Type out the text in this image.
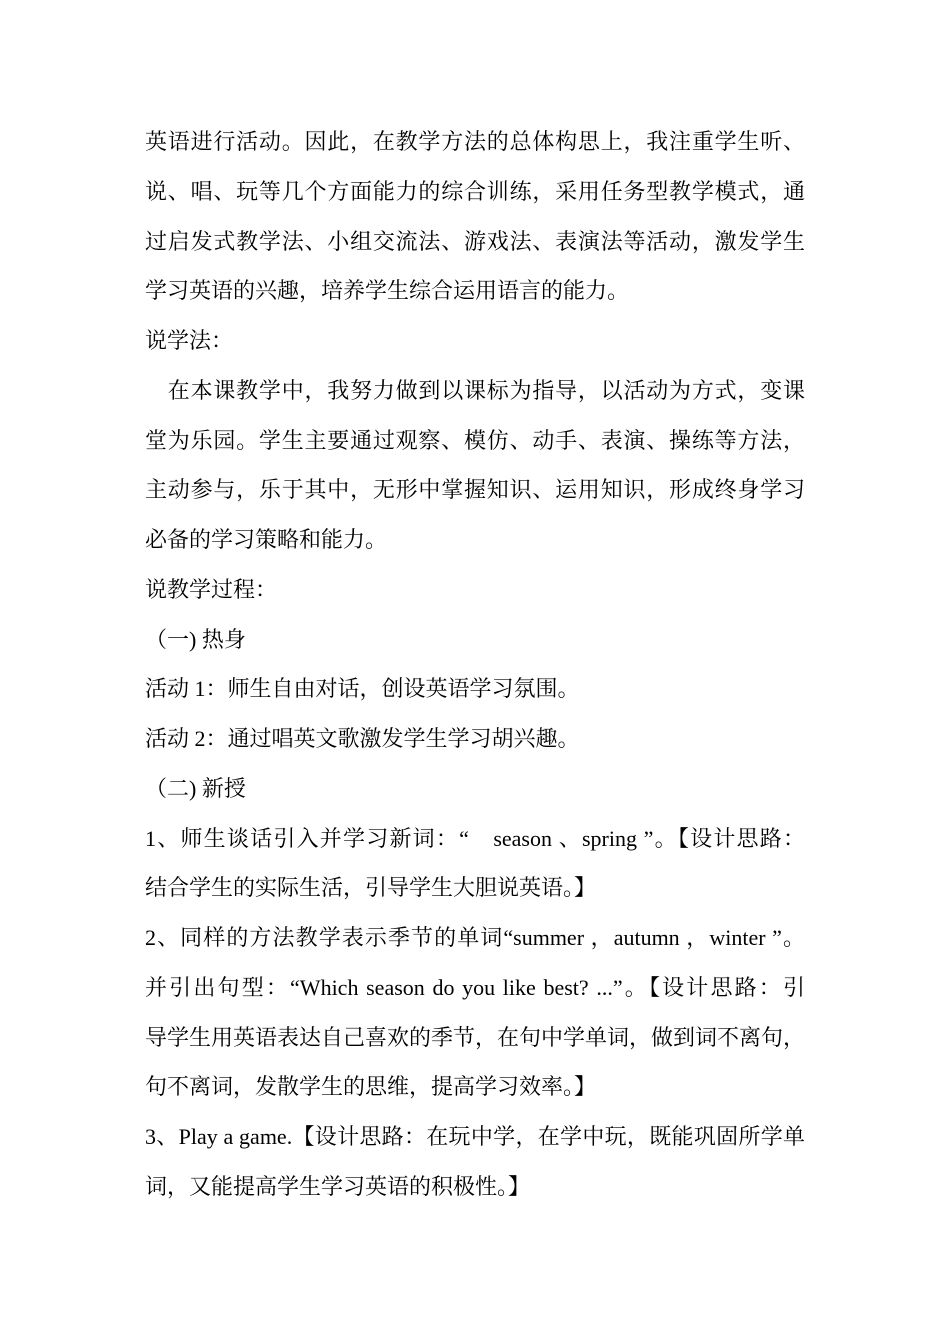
英语进行活动。因此，在教学方法的总体构思上，我注重学生听、
说、唱、玩等几个方面能力的综合训练，采用任务型教学模式，通
过启发式教学法、小组交流法、游戏法、表演法等活动，激发学生
学习英语的兴趣，培养学生综合运用语言的能力。
说学法：
　在本课教学中，我努力做到以课标为指导，以活动为方式，变课
堂为乐园。学生主要通过观察、模仿、动手、表演、操练等方法，
主动参与，乐于其中，无形中掌握知识、运用知识，形成终身学习
必备的学习策略和能力。
说教学过程：
（一) 热身
活动 1：师生自由对话，创设英语学习氛围。
活动 2：通过唱英文歌激发学生学习胡兴趣。
（二) 新授
1、师生谈话引入并学习新词：“　season 、spring ”。【设计思路：
结合学生的实际生活，引导学生大胆说英语。】
2、同样的方法教学表示季节的单词“summer ，autumn ，winter ”。
并引出句型：“Which season do you like best? ...”。【设计思路：引
导学生用英语表达自己喜欢的季节，在句中学单词，做到词不离句，
句不离词，发散学生的思维，提高学习效率。】
3、Play a game.【设计思路：在玩中学，在学中玩，既能巩固所学单
词，又能提高学生学习英语的积极性。】
